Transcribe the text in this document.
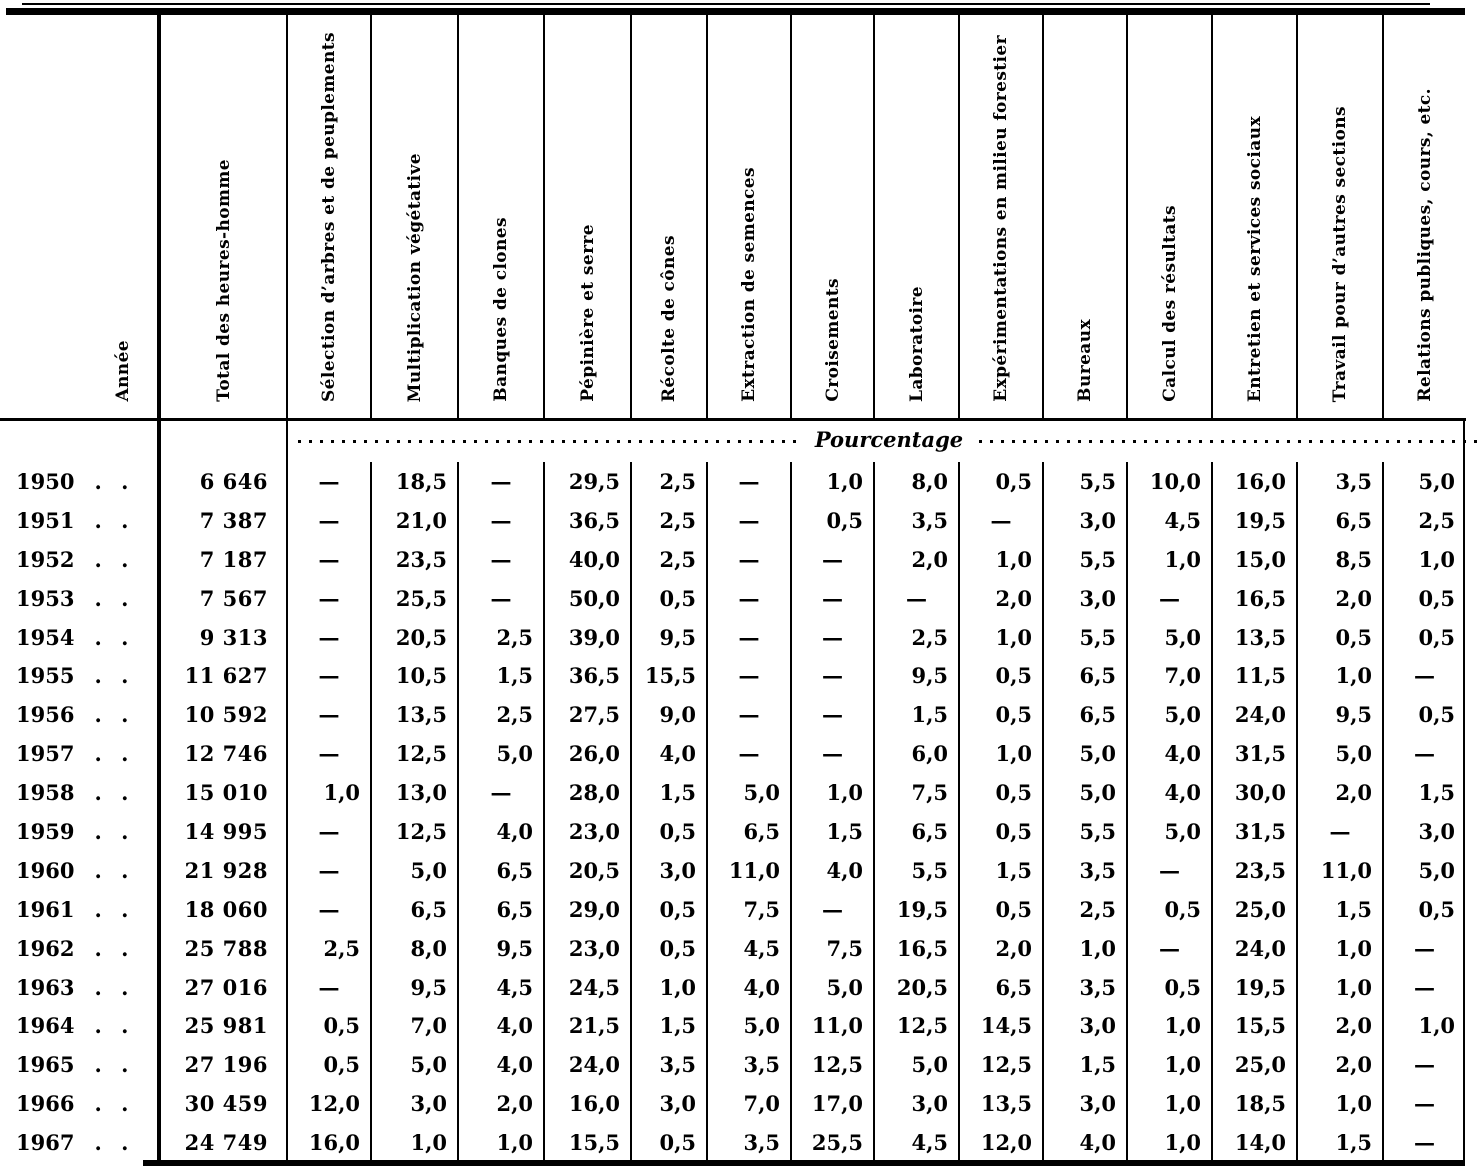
Année	Total des heures-homme	Sélection d’arbres et de peuplements	Multiplication végétative	Banques de clones	Pépinière et serre	Récolte de cônes	Extraction de semences	Croisements	Laboratoire	Expérimentations en milieu forestier	Bureaux	Calcul des résultats	Entretien et services sociaux	Travail pour d’autres sections	Relations publiques, cours, etc.
Pourcentage
1950 . .	6 646	—	18,5	—	29,5	2,5	—	1,0	8,0	0,5	5,5	10,0	16,0	3,5	5,0
1951 . .	7 387	—	21,0	—	36,5	2,5	—	0,5	3,5	—	3,0	4,5	19,5	6,5	2,5
1952 . .	7 187	—	23,5	—	40,0	2,5	—	—	2,0	1,0	5,5	1,0	15,0	8,5	1,0
1953 . .	7 567	—	25,5	—	50,0	0,5	—	—	—	2,0	3,0	—	16,5	2,0	0,5
1954 . .	9 313	—	20,5	2,5	39,0	9,5	—	—	2,5	1,0	5,5	5,0	13,5	0,5	0,5
1955 . .	11 627	—	10,5	1,5	36,5	15,5	—	—	9,5	0,5	6,5	7,0	11,5	1,0	—
1956 . .	10 592	—	13,5	2,5	27,5	9,0	—	—	1,5	0,5	6,5	5,0	24,0	9,5	0,5
1957 . .	12 746	—	12,5	5,0	26,0	4,0	—	—	6,0	1,0	5,0	4,0	31,5	5,0	—
1958 . .	15 010	1,0	13,0	—	28,0	1,5	5,0	1,0	7,5	0,5	5,0	4,0	30,0	2,0	1,5
1959 . .	14 995	—	12,5	4,0	23,0	0,5	6,5	1,5	6,5	0,5	5,5	5,0	31,5	—	3,0
1960 . .	21 928	—	5,0	6,5	20,5	3,0	11,0	4,0	5,5	1,5	3,5	—	23,5	11,0	5,0
1961 . .	18 060	—	6,5	6,5	29,0	0,5	7,5	—	19,5	0,5	2,5	0,5	25,0	1,5	0,5
1962 . .	25 788	2,5	8,0	9,5	23,0	0,5	4,5	7,5	16,5	2,0	1,0	—	24,0	1,0	—
1963 . .	27 016	—	9,5	4,5	24,5	1,0	4,0	5,0	20,5	6,5	3,5	0,5	19,5	1,0	—
1964 . .	25 981	0,5	7,0	4,0	21,5	1,5	5,0	11,0	12,5	14,5	3,0	1,0	15,5	2,0	1,0
1965 . .	27 196	0,5	5,0	4,0	24,0	3,5	3,5	12,5	5,0	12,5	1,5	1,0	25,0	2,0	—
1966 . .	30 459	12,0	3,0	2,0	16,0	3,0	7,0	17,0	3,0	13,5	3,0	1,0	18,5	1,0	—
1967 . .	24 749	16,0	1,0	1,0	15,5	0,5	3,5	25,5	4,5	12,0	4,0	1,0	14,0	1,5	—
